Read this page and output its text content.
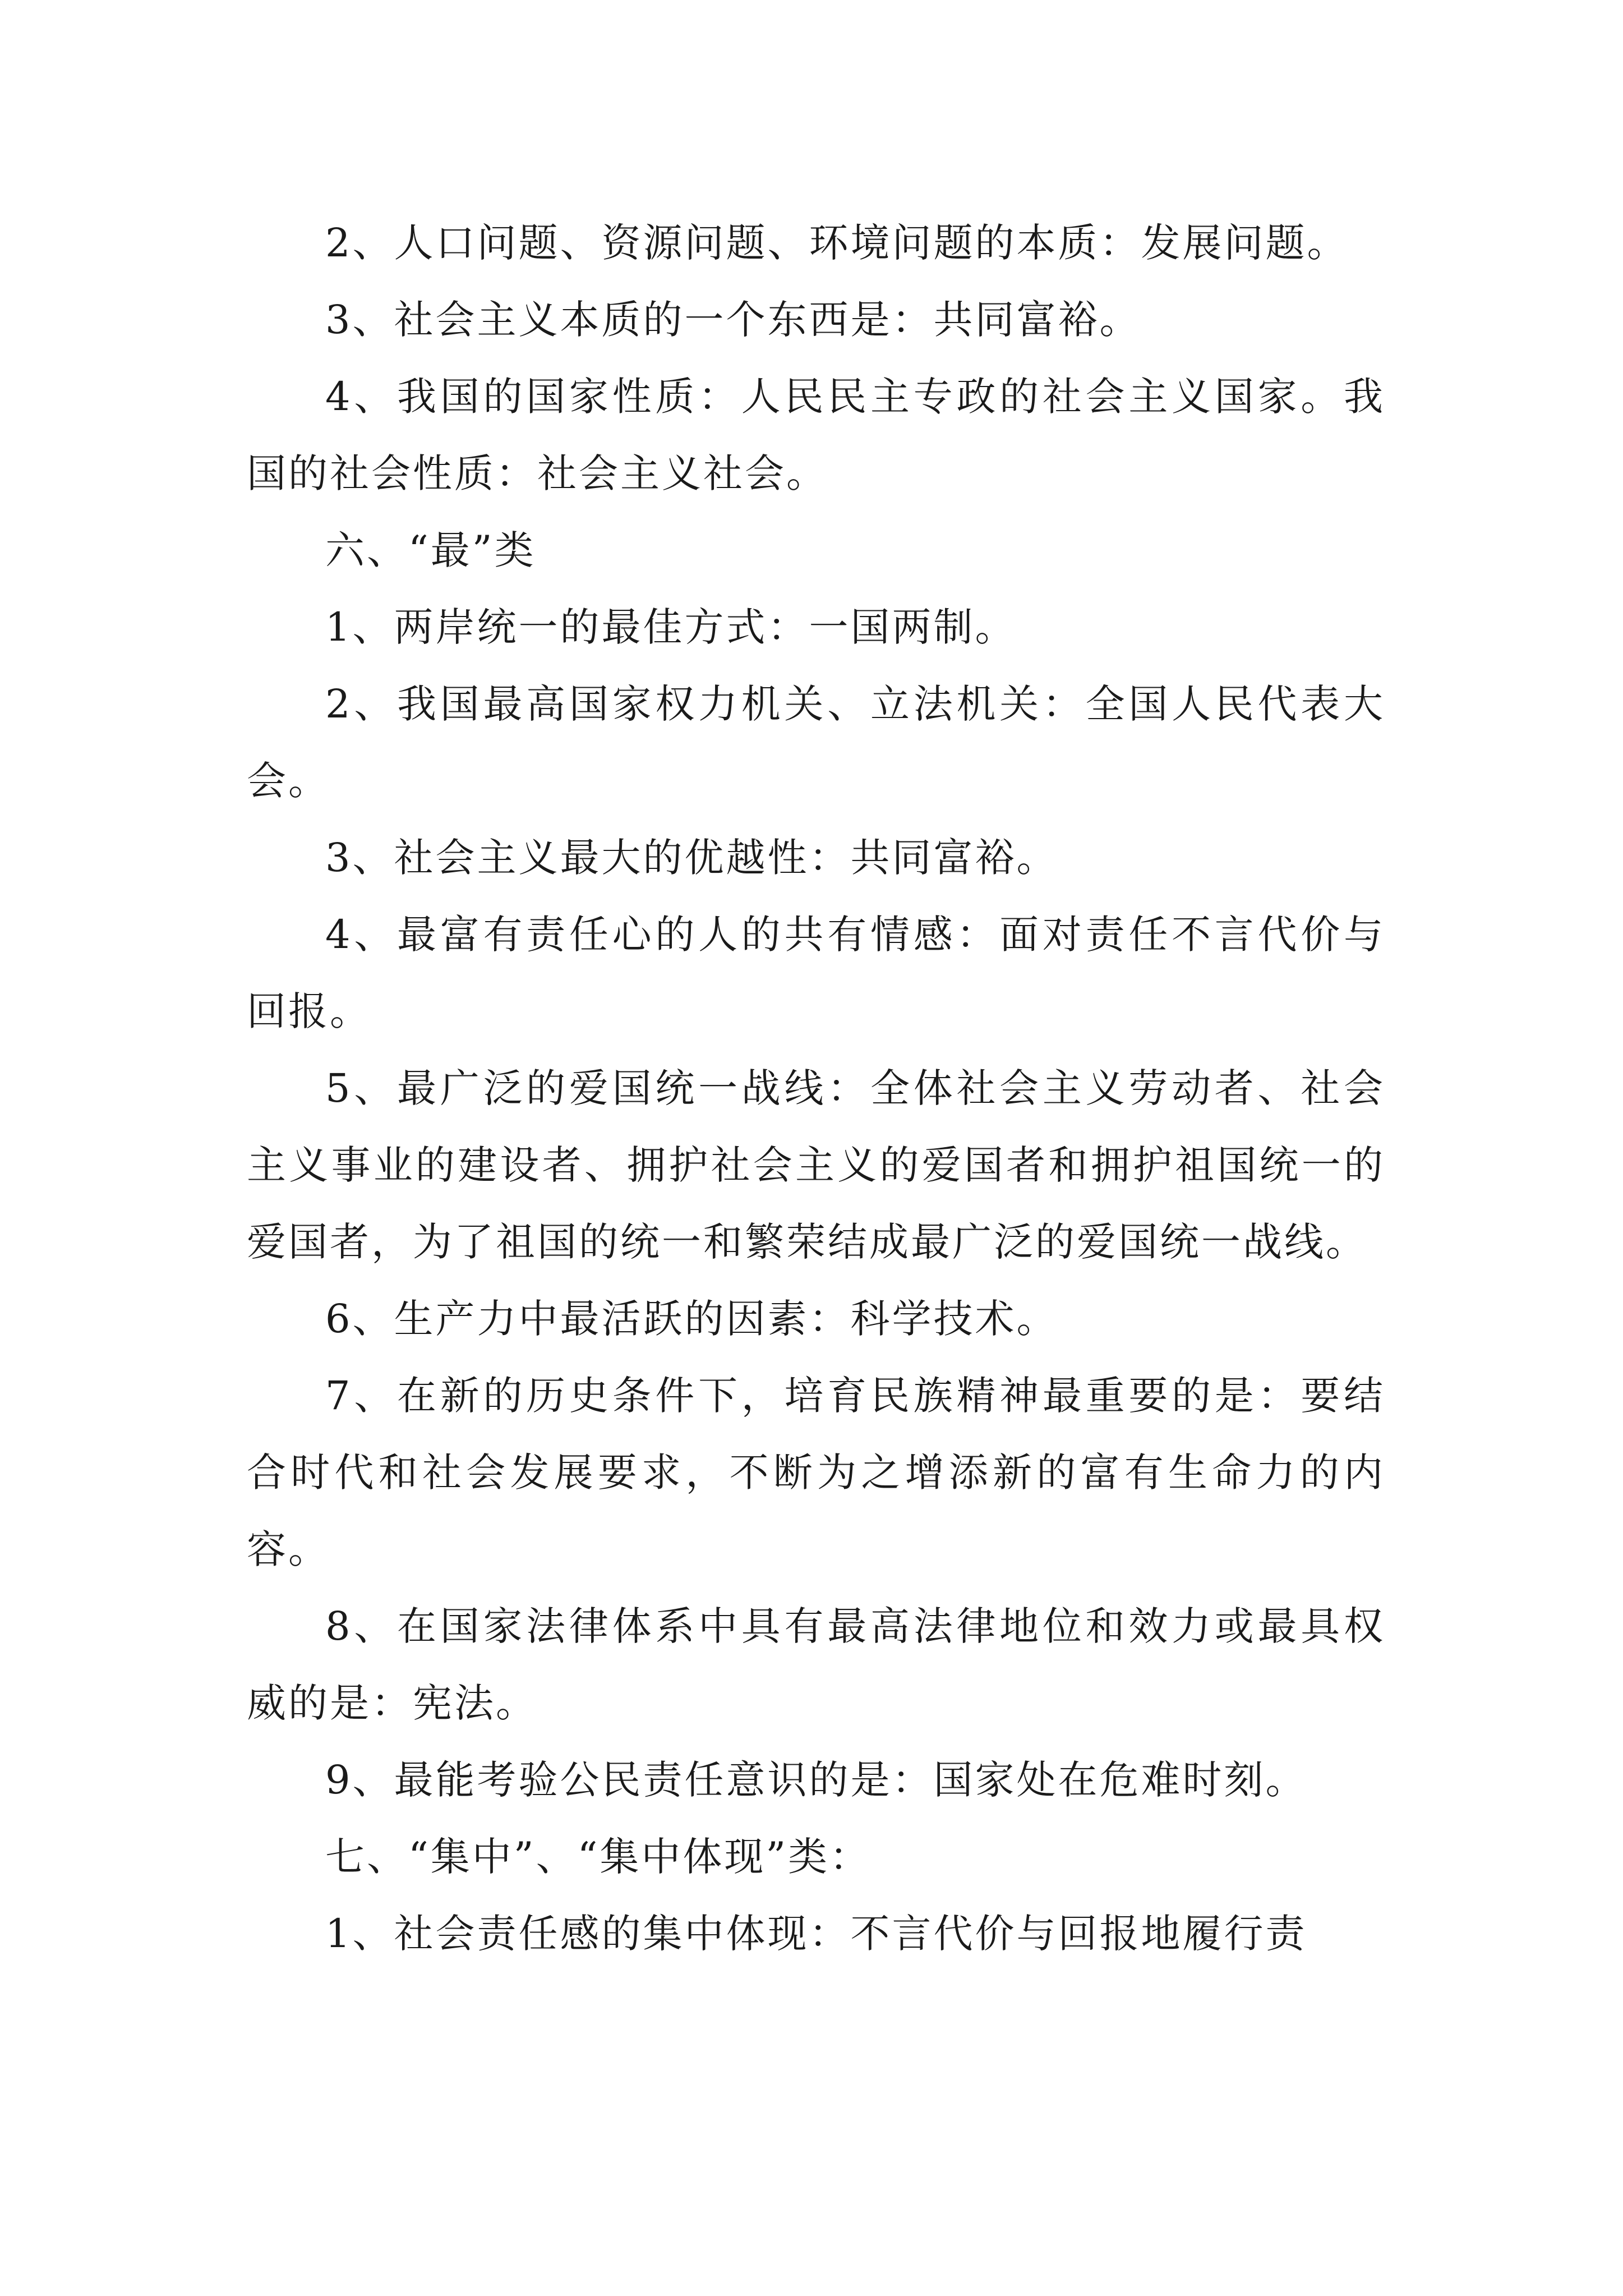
2、人口问题、资源问题、环境问题的本质：发展问题。

3、社会主义本质的一个东西是：共同富裕。

4、我国的国家性质：人民民主专政的社会主义国家。我国的社会性质：社会主义社会。

六、“最”类

1、两岸统一的最佳方式：一国两制。

2、我国最高国家权力机关、立法机关：全国人民代表大会。

3、社会主义最大的优越性：共同富裕。

4、最富有责任心的人的共有情感：面对责任不言代价与回报。

5、最广泛的爱国统一战线：全体社会主义劳动者、社会主义事业的建设者、拥护社会主义的爱国者和拥护祖国统一的爱国者，为了祖国的统一和繁荣结成最广泛的爱国统一战线。

6、生产力中最活跃的因素：科学技术。

7、在新的历史条件下，培育民族精神最重要的是：要结合时代和社会发展要求，不断为之增添新的富有生命力的内容。

8、在国家法律体系中具有最高法律地位和效力或最具权威的是：宪法。

9、最能考验公民责任意识的是：国家处在危难时刻。

七、“集中”、“集中体现”类：

1、社会责任感的集中体现：不言代价与回报地履行责
